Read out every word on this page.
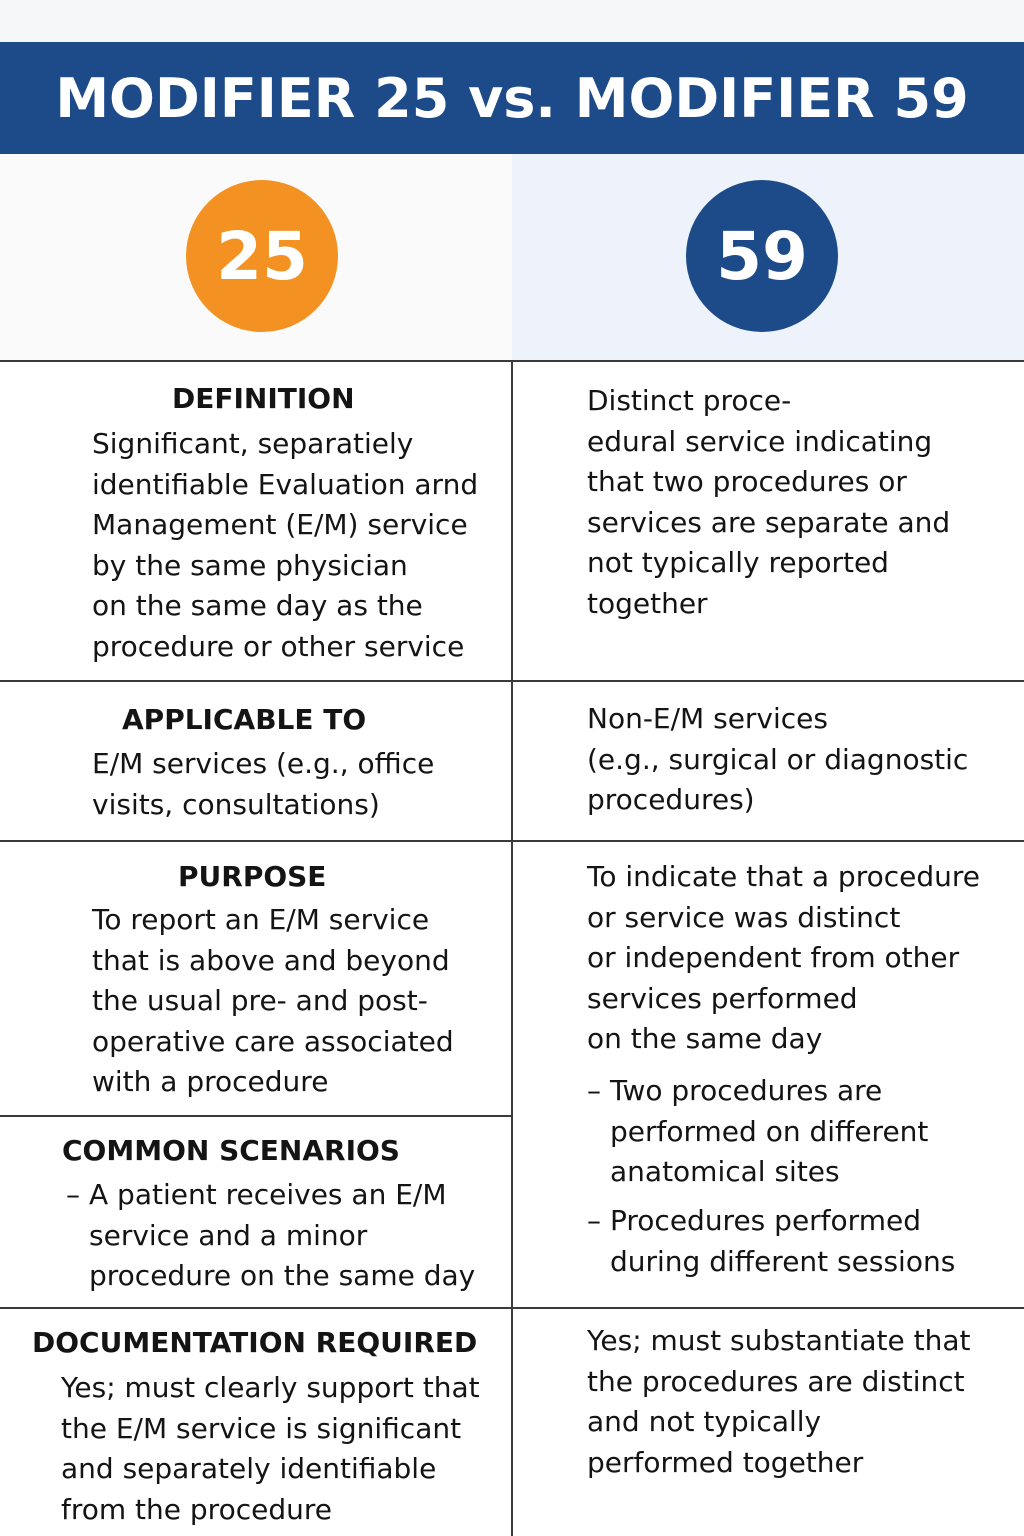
MODIFIER 25 vs. MODIFIER 59
25	59
DEFINITION
Significant, separatiely
identifiable Evaluation arnd
Management (E/M) service
by the same physician
on the same day as the
procedure or other service
Distinct proce-
edural service indicating
that two procedures or
services are separate and
not typically reported
together
APPLICABLE TO
E/M services (e.g., office
visits, consultations)
Non-E/M services
(e.g., surgical or diagnostic
procedures)
PURPOSE
To report an E/M service
that is above and beyond
the usual pre- and post-
operative care associated
with a procedure
To indicate that a procedure
or service was distinct
or independent from other
services performed
on the same day
COMMON SCENARIOS
– A patient receives an E/M
service and a minor
procedure on the same day
– Two procedures are
performed on different
anatomical sites
– Procedures performed
during different sessions
DOCUMENTATION REQUIRED
Yes; must clearly support that
the E/M service is significant
and separately identifiable
from the procedure
Yes; must substantiate that
the procedures are distinct
and not typically
performed together
